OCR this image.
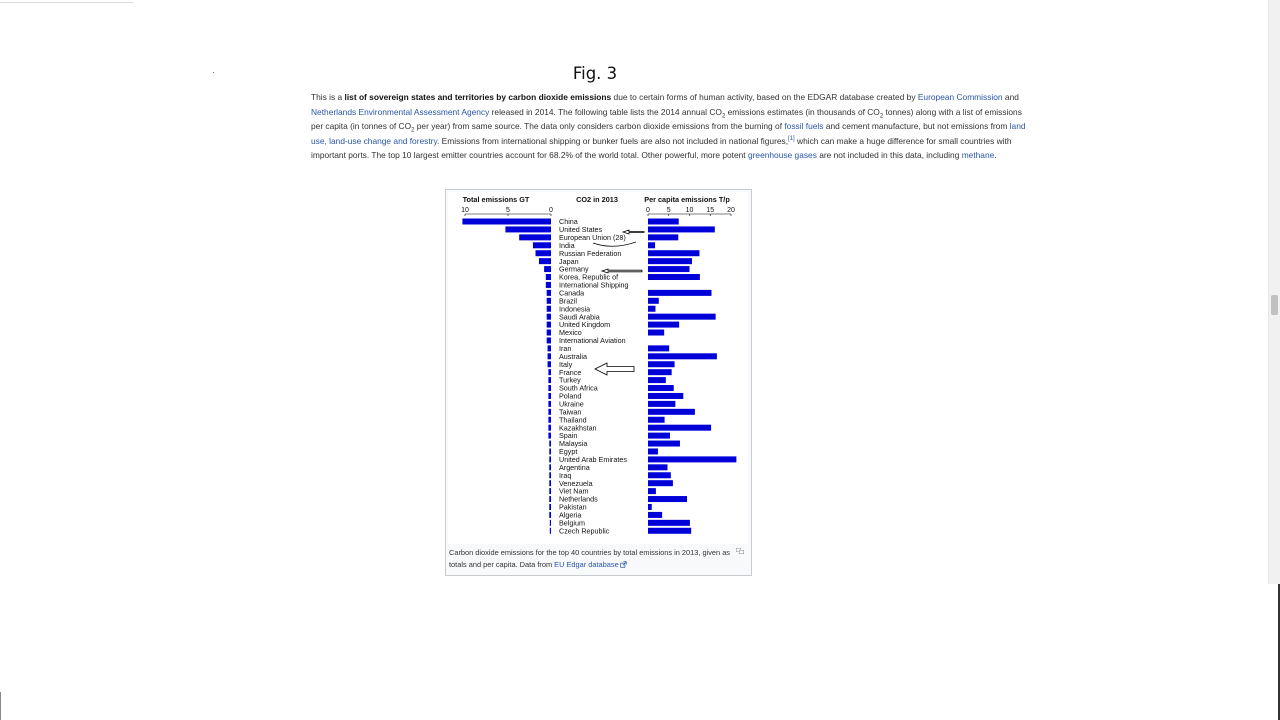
Fig. 3
This is a list of sovereign states and territories by carbon dioxide emissions due to certain forms of human activity, based on the EDGAR database created by European Commission and Netherlands Environmental Assessment Agency released in 2014. The following table lists the 2014 annual $CO_2$ emissions estimates (in thousands of $CO_2$ tonnes) along with a list of emissions per capita (in tonnes of $CO_2$ per year) from same source. The data only considers carbon dioxide emissions from the burning of fossil fuels and cement manufacture, but not emissions from land use, land-use change and forestry. Emissions from international shipping or bunker fuels are also not included in national figures,[1] which can make a huge difference for small countries with important ports. The top 10 largest emitter countries account for 68.2% of the world total. Other powerful, more potent greenhouse gases are not included in this data, including methane.
Total emissions GT	CO2 in 2013	Per capita emissions T/p
10	5	0	0 5 10 15 20
China
United States
European Union (28)
India
Russian Federation
Japan
Germany
Korea, Republic of
International Shipping
Canada
Brazil
Indonesia
Saudi Arabia
United Kingdom
Mexico
International Aviation
Iran
Australia
Italy
France
Turkey
South Africa
Poland
Ukraine
Taiwan
Thailand
Kazakhstan
Spain
Malaysia
Egypt
United Arab Emirates
Argentina
Iraq
Venezuela
Viet Nam
Netherlands
Pakistan
Algeria
Belgium
Czech Republic
Carbon dioxide emissions for the top 40 countries by total emissions in 2013, given as totals and per capita. Data from EU Edgar database
